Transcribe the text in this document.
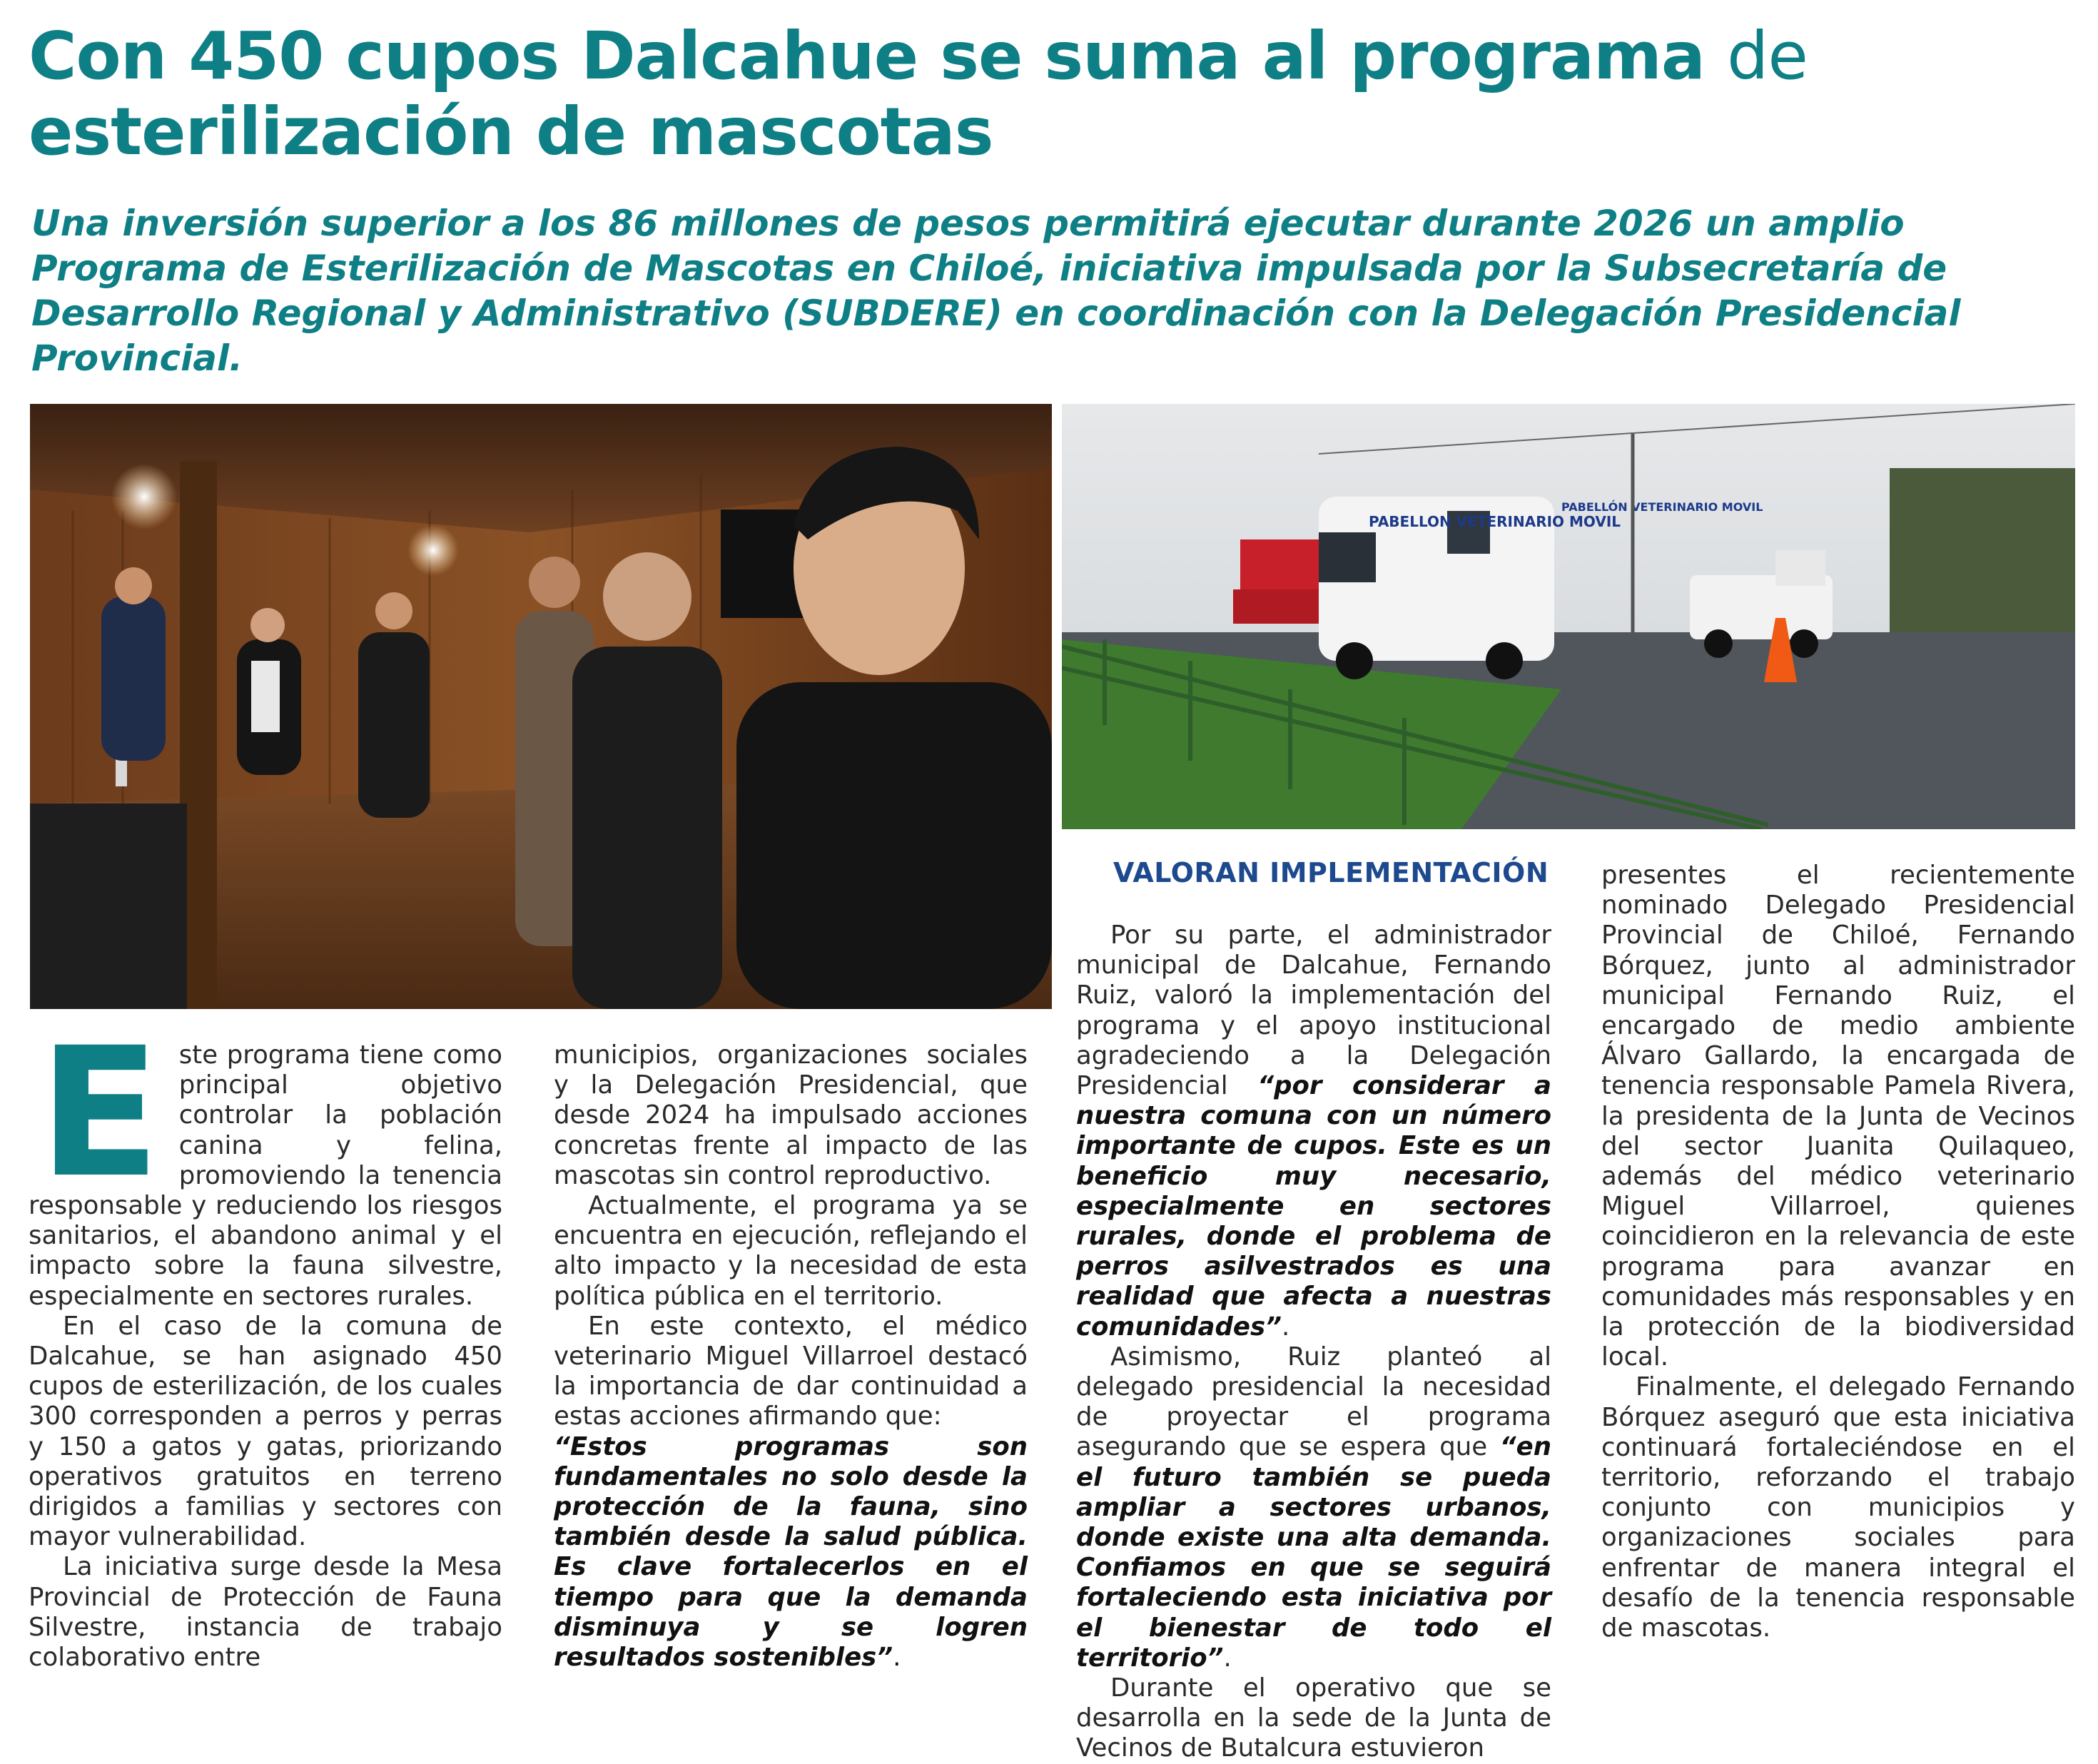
Con 450 cupos Dalcahue se suma al programa de
esterilización de mascotas

Una inversión superior a los 86 millones de pesos permitirá ejecutar durante 2026 un amplio Programa de Esterilización de Mascotas en Chiloé, iniciativa impulsada por la Subsecretaría de Desarrollo Regional y Administrativo (SUBDERE) en coordinación con la Delegación Presidencial Provincial.

PABELLON VETERINARIO MOVIL
PABELLÓN VETERINARIO MOVIL

Este programa tiene como principal objetivo controlar la población canina y felina, promoviendo la tenencia responsable y reduciendo los riesgos sanitarios, el abandono animal y el impacto sobre la fauna silvestre, especialmente en sectores rurales.

En el caso de la comuna de Dalcahue, se han asignado 450 cupos de esterilización, de los cuales 300 corresponden a perros y perras y 150 a gatos y gatas, priorizando operativos gratuitos en terreno dirigidos a familias y sectores con mayor vulnerabilidad.

La iniciativa surge desde la Mesa Provincial de Protección de Fauna Silvestre, instancia de trabajo colaborativo entre

municipios, organizaciones sociales y la Delegación Presidencial, que desde 2024 ha impulsado acciones concretas frente al impacto de las mascotas sin control reproductivo.

Actualmente, el programa ya se encuentra en ejecución, reflejando el alto impacto y la necesidad de esta política pública en el territorio.

En este contexto, el médico veterinario Miguel Villarroel destacó la importancia de dar continuidad a estas acciones afirmando que:

“Estos programas son fundamentales no solo desde la protección de la fauna, sino también desde la salud pública. Es clave fortalecerlos en el tiempo para que la demanda disminuya y se logren resultados sostenibles”.

VALORAN IMPLEMENTACIÓN

Por su parte, el administrador municipal de Dalcahue, Fernando Ruiz, valoró la implementación del programa y el apoyo institucional agradeciendo a la Delegación Presidencial “por considerar a nuestra comuna con un número importante de cupos. Este es un beneficio muy necesario, especialmente en sectores rurales, donde el problema de perros asilvestrados es una realidad que afecta a nuestras comunidades”.

Asimismo, Ruiz planteó al delegado presidencial la necesidad de proyectar el programa asegurando que se espera que “en el futuro también se pueda ampliar a sectores urbanos, donde existe una alta demanda. Confiamos en que se seguirá fortaleciendo esta iniciativa por el bienestar de todo el territorio”.

Durante el operativo que se desarrolla en la sede de la Junta de Vecinos de Butalcura estuvieron

presentes el recientemente nominado Delegado Presidencial Provincial de Chiloé, Fernando Bórquez, junto al administrador municipal Fernando Ruiz, el encargado de medio ambiente Álvaro Gallardo, la encargada de tenencia responsable Pamela Rivera, la presidenta de la Junta de Vecinos del sector Juanita Quilaqueo, además del médico veterinario Miguel Villarroel, quienes coincidieron en la relevancia de este programa para avanzar en comunidades más responsables y en la protección de la biodiversidad local.

Finalmente, el delegado Fernando Bórquez aseguró que esta iniciativa continuará fortaleciéndose en el territorio, reforzando el trabajo conjunto con municipios y organizaciones sociales para enfrentar de manera integral el desafío de la tenencia responsable de mascotas.
